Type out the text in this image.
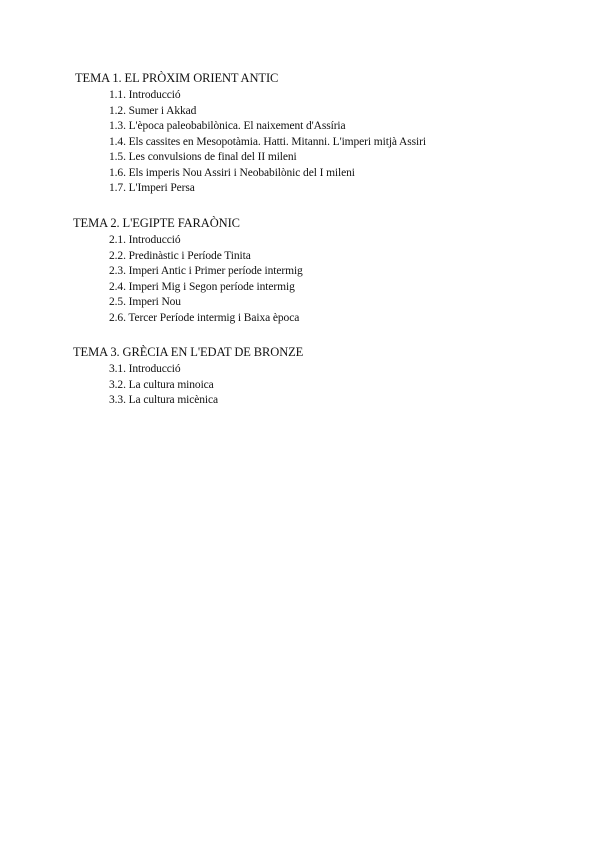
TEMA 1. EL PRÒXIM ORIENT ANTIC
1.1. Introducció
1.2. Sumer i Akkad
1.3. L'època paleobabilònica. El naixement d'Assíria
1.4. Els cassites en Mesopotàmia. Hatti. Mitanni. L'imperi mitjà Assiri
1.5. Les convulsions de final del II mileni
1.6. Els imperis Nou Assiri i Neobabilònic del I mileni
1.7. L'Imperi Persa
TEMA 2. L'EGIPTE FARAÒNIC
2.1. Introducció
2.2. Predinàstic i Període Tinita
2.3. Imperi Antic i Primer període intermig
2.4. Imperi Mig i Segon període intermig
2.5. Imperi Nou
2.6. Tercer Període intermig i Baixa època
TEMA 3. GRÈCIA EN L'EDAT DE BRONZE
3.1. Introducció
3.2. La cultura minoica
3.3. La cultura micènica
